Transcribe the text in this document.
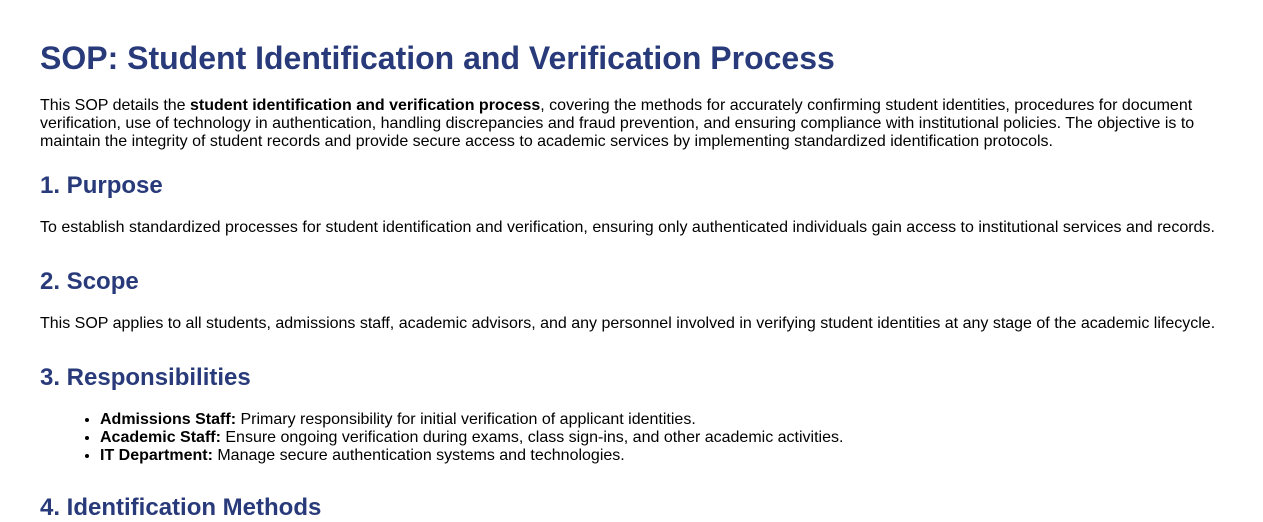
SOP: Student Identification and Verification Process

This SOP details the student identification and verification process, covering the methods for accurately confirming student identities, procedures for document verification, use of technology in authentication, handling discrepancies and fraud prevention, and ensuring compliance with institutional policies. The objective is to maintain the integrity of student records and provide secure access to academic services by implementing standardized identification protocols.

1. Purpose

To establish standardized processes for student identification and verification, ensuring only authenticated individuals gain access to institutional services and records.

2. Scope

This SOP applies to all students, admissions staff, academic advisors, and any personnel involved in verifying student identities at any stage of the academic lifecycle.

3. Responsibilities
• Admissions Staff: Primary responsibility for initial verification of applicant identities.
• Academic Staff: Ensure ongoing verification during exams, class sign-ins, and other academic activities.
• IT Department: Manage secure authentication systems and technologies.
4. Identification Methods
